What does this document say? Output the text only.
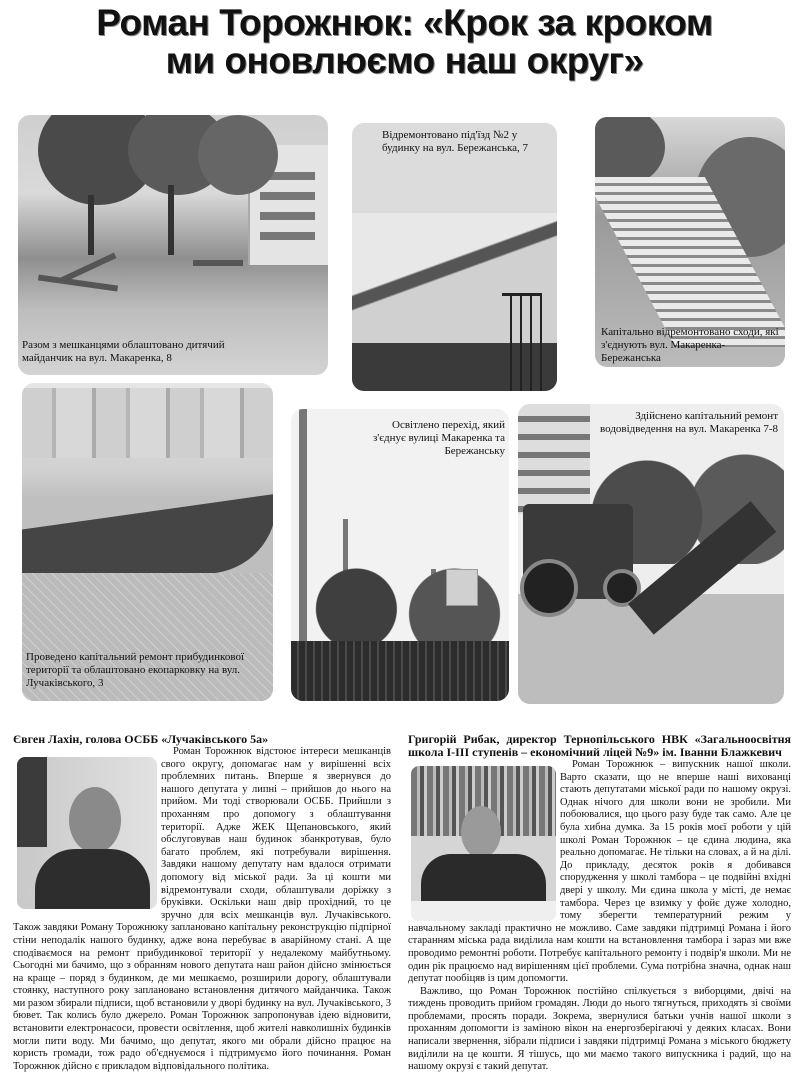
Роман Торожнюк: «Крок за кроком
ми оновлюємо наш округ»
Разом з мешканцями облаштовано дитячий майданчик на вул. Макаренка, 8
Відремонтовано під'їзд №2 у будинку на вул. Бережанська, 7
Капітально відремонтовано сходи, які з'єднують вул. Макаренка-Бережанська
Проведено капітальний ремонт прибудинкової території та облаштовано екопарковку на вул. Лучаківського, 3
Освітлено перехід, який з'єднує вулиці Макаренка та Бережанську
Здійснено капітальний ремонт водовідведення на вул. Макаренка 7-8
Євген Лахін, голова ОСББ «Лучаківського 5а»

Роман Торожнюк відстоює інтереси мешканців свого округу, допомагає нам у вирішенні всіх проблемних питань. Вперше я звернувся до нашого депутата у липні – прийшов до нього на прийом. Ми тоді створювали ОСББ. Прийшли з проханням про допомогу з облаштування території. Адже ЖЕК Щепановського, який обслуговував наш будинок збанкротував, було багато проблем, які потребували вирішення. Завдяки нашому депутату нам вдалося отримати допомогу від міської ради. За ці кошти ми відремонтували сходи, облаштували доріжку з бруківки. Оскільки наш двір прохідний, то це зручно для всіх мешканців вул. Лучаківського. Також завдяки Роману Торожнюку заплановано капітальну реконструкцію підпірної стіни неподалік нашого будинку, адже вона перебуває в аварійному стані. А ще сподіваємося на ремонт прибудинкової території у недалекому майбутньому. Сьогодні ми бачимо, що з обранням нового депутата наш район дійсно змінюється на краще – поряд з будинком, де ми мешкаємо, розширили дорогу, облаштували стоянку, наступного року заплановано встановлення дитячого майданчика. Також ми разом збирали підписи, щоб встановили у дворі будинку на вул. Лучаківського, 3 бювет. Так колись було джерело. Роман Торожнюк запропонував ідею відновити, встановити електронасоси, провести освітлення, щоб жителі навколишніх будинків могли пити воду. Ми бачимо, що депутат, якого ми обрали дійсно працює на користь громади, тож радо об'єднуємося і підтримуємо його починання. Роман Торожнюк дійсно є прикладом відповідального політика.

Григорій Рибак, директор Тернопільського НВК «Загальноосвітня школа І-ІІІ ступенів – економічний ліцей №9» ім. Іванни Блажкевич

Роман Торожнюк – випускник нашої школи. Варто сказати, що не вперше наші вихованці стають депутатами міської ради по нашому окрузі. Однак нічого для школи вони не зробили. Ми побоювалися, що цього разу буде так само. Але це була хибна думка. За 15 років моєї роботи у цій школі Роман Торожнюк – це єдина людина, яка реально допомагає. Не тільки на словах, а й на ділі. До прикладу, десяток років я добивався спорудження у школі тамбора – це подвійні вхідні двері у школу. Ми єдина школа у місті, де немає тамбора. Через це взимку у фойє дуже холодно, тому зберегти температурний режим у навчальному закладі практично не можливо. Саме завдяки підтримці Романа і його старанням міська рада виділила нам кошти на встановлення тамбора і зараз ми вже проводимо ремонтні роботи. Потребує капітального ремонту і подвір'я школи. Ми не один рік працюємо над вирішенням цієї проблеми. Сума потрібна значна, однак наш депутат пообіцяв із цим допомогти.

Важливо, що Роман Торожнюк постійно спілкується з виборцями, двічі на тиждень проводить прийом громадян. Люди до нього тягнуться, приходять зі своїми проблемами, просять поради. Зокрема, звернулися батьки учнів нашої школи з проханням допомогти із заміною вікон на енергозберігаючі у деяких класах. Вони написали звернення, зібрали підписи і завдяки підтримці Романа з міського бюджету виділили на це кошти. Я тішусь, що ми маємо такого випускника і радий, що на нашому окрузі є такий депутат.
